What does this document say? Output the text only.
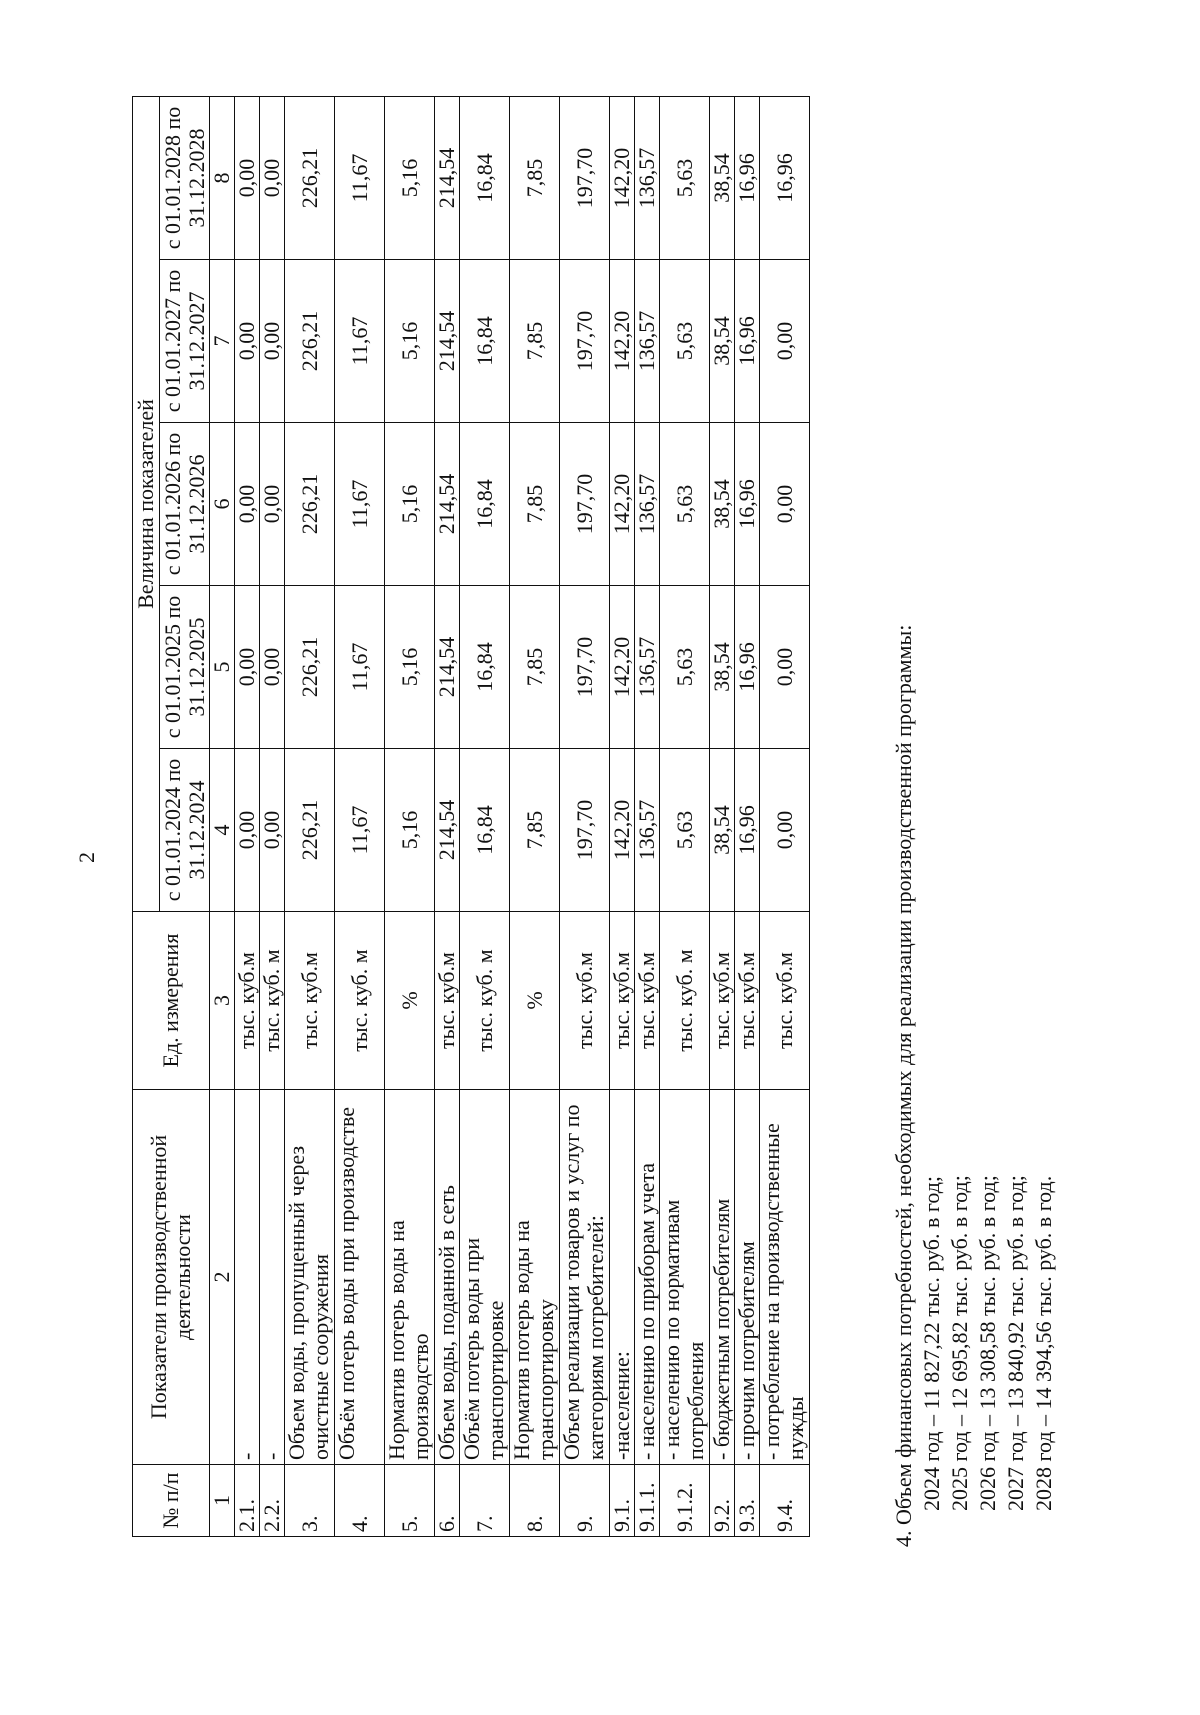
2
№ п/п	Показатели производственной деятельности	Ед. измерения	Величина показателей				
			с 01.01.2024 по 31.12.2024	с 01.01.2025 по 31.12.2025	с 01.01.2026 по 31.12.2026	с 01.01.2027 по 31.12.2027	с 01.01.2028 по 31.12.2028
1	2	3	4	5	6	7	8
2.1.	-	тыс. куб.м	0,00	0,00	0,00	0,00	0,00
2.2.	-	тыс. куб. м	0,00	0,00	0,00	0,00	0,00
3.	Объем воды, пропущенный через очистные сооружения	тыс. куб.м	226,21	226,21	226,21	226,21	226,21
4.	Объём потерь воды при производстве	тыс. куб. м	11,67	11,67	11,67	11,67	11,67
5.	Норматив потерь воды на производство	%	5,16	5,16	5,16	5,16	5,16
6.	Объем воды, поданной в сеть	тыс. куб.м	214,54	214,54	214,54	214,54	214,54
7.	Объём потерь воды при транспортировке	тыс. куб. м	16,84	16,84	16,84	16,84	16,84
8.	Норматив потерь воды на транспортировку	%	7,85	7,85	7,85	7,85	7,85
9.	Объем реализации товаров и услуг по категориям потребителей:	тыс. куб.м	197,70	197,70	197,70	197,70	197,70
9.1.	-население:	тыс. куб.м	142,20	142,20	142,20	142,20	142,20
9.1.1.	- населению по приборам учета	тыс. куб.м	136,57	136,57	136,57	136,57	136,57
9.1.2.	- населению по нормативам потребления	тыс. куб. м	5,63	5,63	5,63	5,63	5,63
9.2.	- бюджетным потребителям	тыс. куб.м	38,54	38,54	38,54	38,54	38,54
9.3.	- прочим потребителям	тыс. куб.м	16,96	16,96	16,96	16,96	16,96
9.4.	- потребление на производственные нужды	тыс. куб.м	0,00	0,00	0,00	0,00	16,96
4. Объем финансовых потребностей, необходимых для реализации производственной программы: 2024 год – 11 827,22 тыс. руб. в год; 2025 год – 12 695,82 тыс. руб. в год; 2026 год – 13 308,58 тыс. руб. в год; 2027 год – 13 840,92 тыс. руб. в год; 2028 год – 14 394,56 тыс. руб. в год.
